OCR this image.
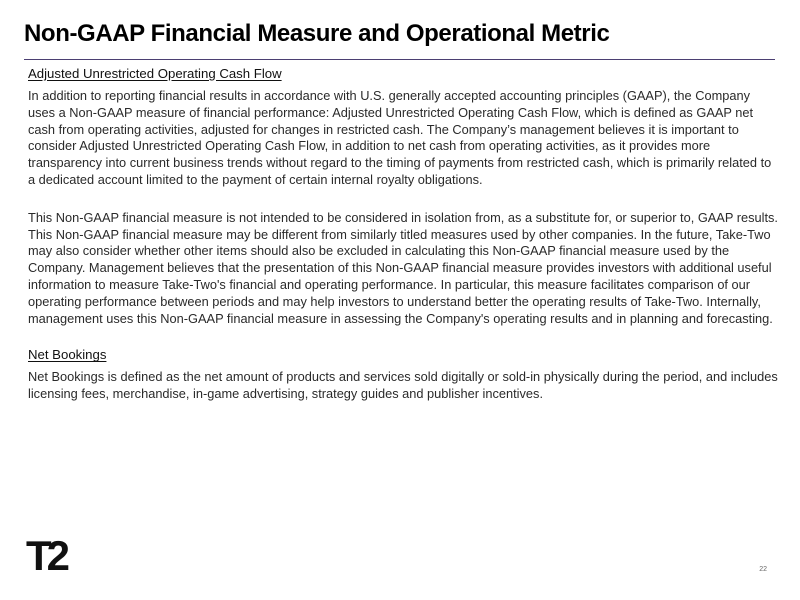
Non-GAAP Financial Measure and Operational Metric
Adjusted Unrestricted Operating Cash Flow

In addition to reporting financial results in accordance with U.S. generally accepted accounting principles (GAAP), the Company uses a Non-GAAP measure of financial performance: Adjusted Unrestricted Operating Cash Flow, which is defined as GAAP net cash from operating activities, adjusted for changes in restricted cash. The Company’s management believes it is important to consider Adjusted Unrestricted Operating Cash Flow, in addition to net cash from operating activities, as it provides more transparency into current business trends without regard to the timing of payments from restricted cash, which is primarily related to a dedicated account limited to the payment of certain internal royalty obligations.

This Non-GAAP financial measure is not intended to be considered in isolation from, as a substitute for, or superior to, GAAP results. This Non-GAAP financial measure may be different from similarly titled measures used by other companies. In the future, Take-Two may also consider whether other items should also be excluded in calculating this Non-GAAP financial measure used by the Company. Management believes that the presentation of this Non-GAAP financial measure provides investors with additional useful information to measure Take-Two's financial and operating performance. In particular, this measure facilitates comparison of our operating performance between periods and may help investors to understand better the operating results of Take-Two. Internally, management uses this Non-GAAP financial measure in assessing the Company's operating results and in planning and forecasting.

Net Bookings

Net Bookings is defined as the net amount of products and services sold digitally or sold-in physically during the period, and includes licensing fees, merchandise, in-game advertising, strategy guides and publisher incentives.

T2	22
